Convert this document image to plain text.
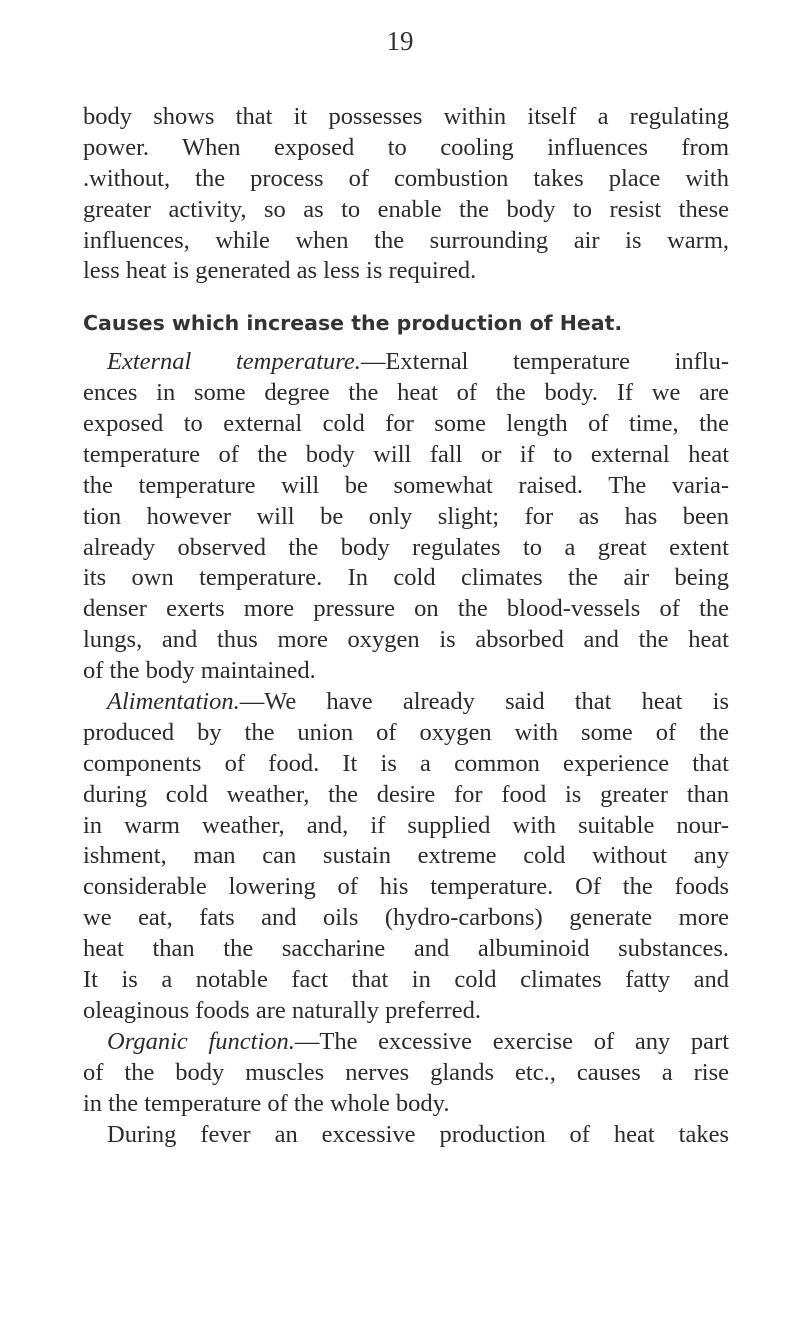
19
body shows that it possesses within itself a regulating
power. When exposed to cooling influences from
.without, the process of combustion takes place with
greater activity, so as to enable the body to resist these
influences, while when the surrounding air is warm,
less heat is generated as less is required.
Causes which increase the production of Heat.
External temperature.—External temperature influ-
ences in some degree the heat of the body. If we are
exposed to external cold for some length of time, the
temperature of the body will fall or if to external heat
the temperature will be somewhat raised. The varia-
tion however will be only slight; for as has been
already observed the body regulates to a great extent
its own temperature. In cold climates the air being
denser exerts more pressure on the blood-vessels of the
lungs, and thus more oxygen is absorbed and the heat
of the body maintained.
Alimentation.—We have already said that heat is
produced by the union of oxygen with some of the
components of food. It is a common experience that
during cold weather, the desire for food is greater than
in warm weather, and, if supplied with suitable nour-
ishment, man can sustain extreme cold without any
considerable lowering of his temperature. Of the foods
we eat, fats and oils (hydro-carbons) generate more
heat than the saccharine and albuminoid substances.
It is a notable fact that in cold climates fatty and
oleaginous foods are naturally preferred.
Organic function.—The excessive exercise of any part
of the body muscles nerves glands etc., causes a rise
in the temperature of the whole body.
During fever an excessive production of heat takes
